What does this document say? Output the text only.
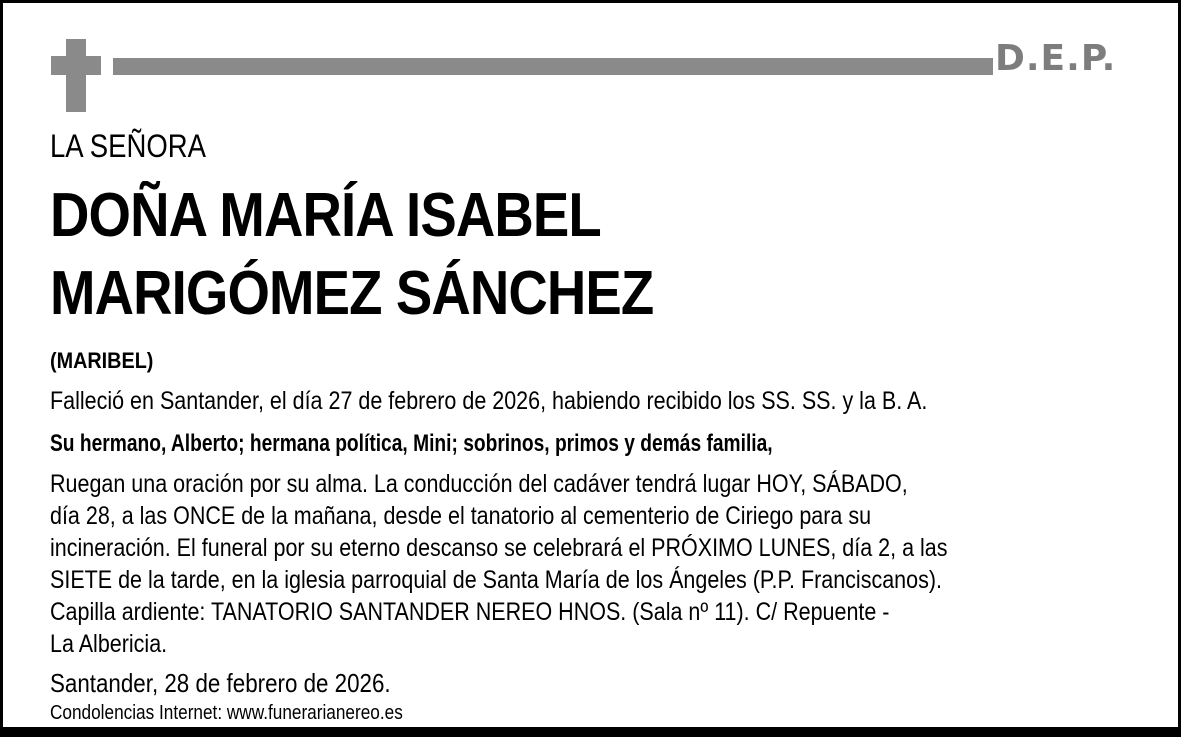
D.E.P.
LA SEÑORA
DOÑA MARÍA ISABEL
MARIGÓMEZ SÁNCHEZ
(MARIBEL)
Falleció en Santander, el día 27 de febrero de 2026, habiendo recibido los SS. SS. y la B. A.
Su hermano, Alberto; hermana política, Mini; sobrinos, primos y demás familia,
Ruegan una oración por su alma. La conducción del cadáver tendrá lugar HOY, SÁBADO,
día 28, a las ONCE de la mañana, desde el tanatorio al cementerio de Ciriego para su
incineración. El funeral por su eterno descanso se celebrará el PRÓXIMO LUNES, día 2, a las
SIETE de la tarde, en la iglesia parroquial de Santa María de los Ángeles (P.P. Franciscanos).
Capilla ardiente: TANATORIO SANTANDER NEREO HNOS. (Sala nº 11). C/ Repuente -
La Albericia.
Santander, 28 de febrero de 2026.
Condolencias Internet: www.funerarianereo.es
